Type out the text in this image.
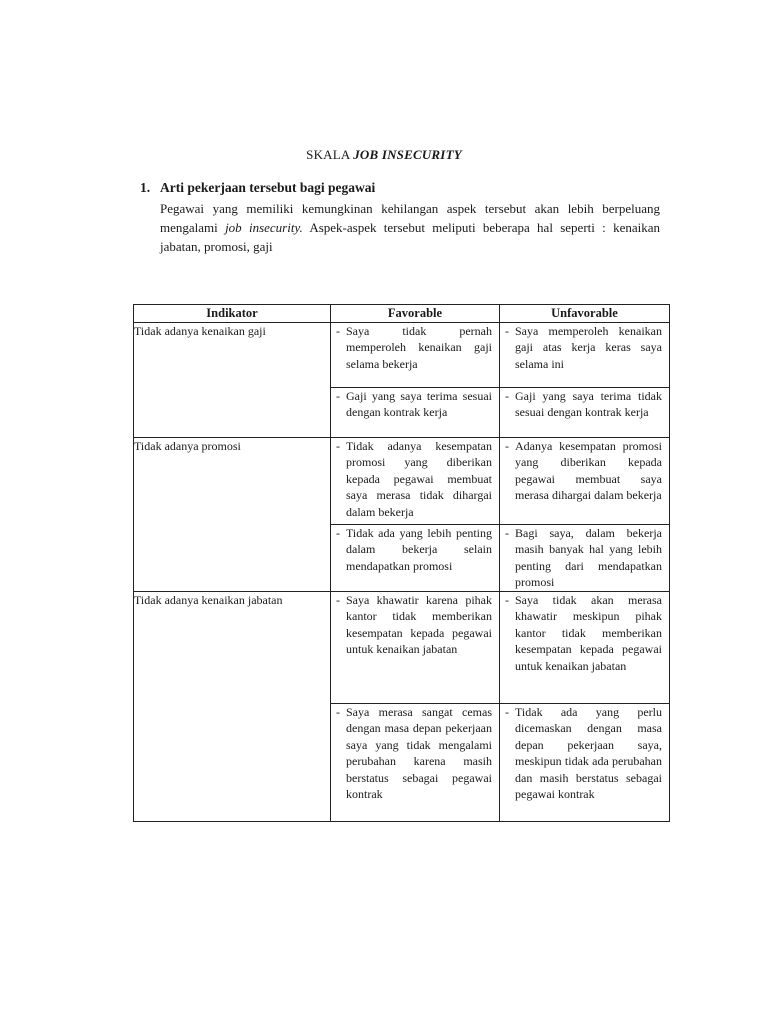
SKALA JOB INSECURITY
1. Arti pekerjaan tersebut bagi pegawai
Pegawai yang memiliki kemungkinan kehilangan aspek tersebut akan lebih berpeluang mengalami job insecurity. Aspek-aspek tersebut meliputi beberapa hal seperti : kenaikan jabatan, promosi, gaji
Indikator	Favorable	Unfavorable
Tidak adanya kenaikan gaji	- Saya tidak pernah memperoleh kenaikan gaji selama bekerja	- Saya memperoleh kenaikan gaji atas kerja keras saya selama ini

	- Gaji yang saya terima sesuai dengan kontrak kerja	- Gaji yang saya terima tidak sesuai dengan kontrak kerja

Tidak adanya promosi	- Tidak adanya kesempatan promosi yang diberikan kepada pegawai membuat saya merasa tidak dihargai dalam bekerja	- Adanya kesempatan promosi yang diberikan kepada pegawai membuat saya merasa dihargai dalam bekerja

	- Tidak ada yang lebih penting dalam bekerja selain mendapatkan promosi	- Bagi saya, dalam bekerja masih banyak hal yang lebih penting dari mendapatkan promosi

Tidak adanya kenaikan jabatan	- Saya khawatir karena pihak kantor tidak memberikan kesempatan kepada pegawai untuk kenaikan jabatan	- Saya tidak akan merasa khawatir meskipun pihak kantor tidak memberikan kesempatan kepada pegawai untuk kenaikan jabatan

	- Saya merasa sangat cemas dengan masa depan pekerjaan saya yang tidak mengalami perubahan karena masih berstatus sebagai pegawai kontrak	- Tidak ada yang perlu dicemaskan dengan masa depan pekerjaan saya, meskipun tidak ada perubahan dan masih berstatus sebagai pegawai kontrak
